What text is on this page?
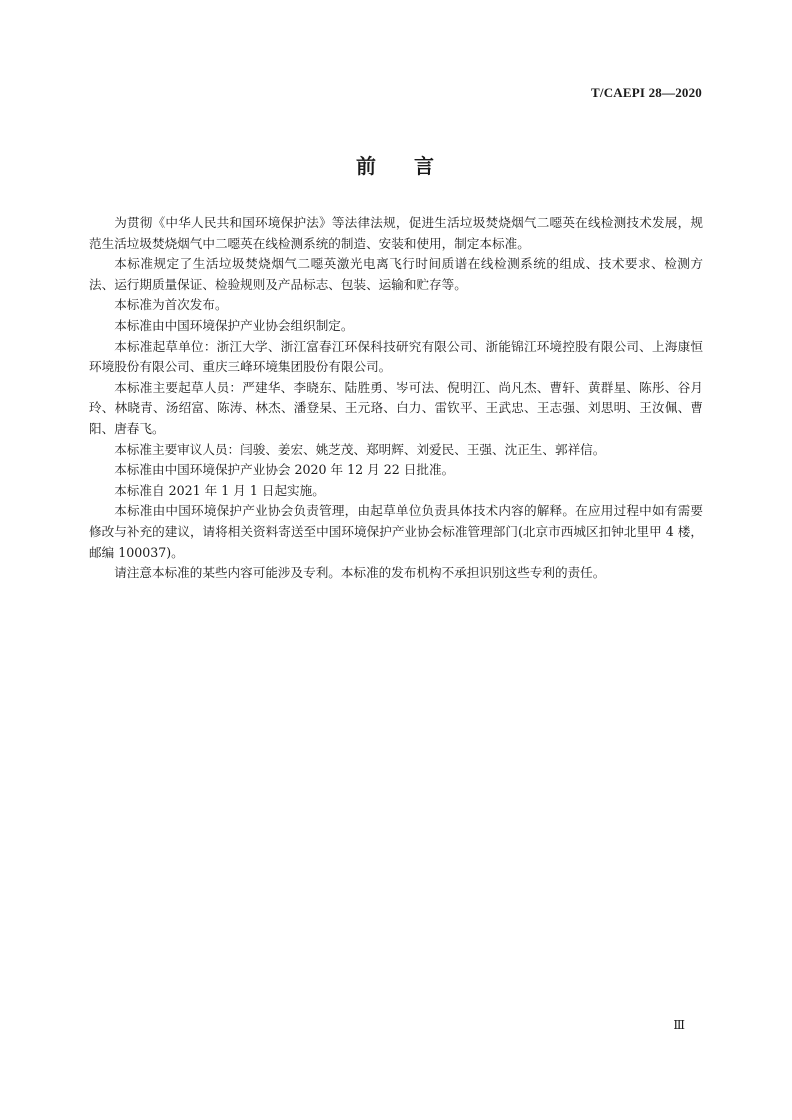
T/CAEPI 28—2020
前 言

为贯彻《中华人民共和国环境保护法》等法律法规，促进生活垃圾焚烧烟气二噁英在线检测技术发展，规范生活垃圾焚烧烟气中二噁英在线检测系统的制造、安装和使用，制定本标准。

本标准规定了生活垃圾焚烧烟气二噁英激光电离飞行时间质谱在线检测系统的组成、技术要求、检测方法、运行期质量保证、检验规则及产品标志、包装、运输和贮存等。

本标准为首次发布。

本标准由中国环境保护产业协会组织制定。

本标准起草单位：浙江大学、浙江富春江环保科技研究有限公司、浙能锦江环境控股有限公司、上海康恒环境股份有限公司、重庆三峰环境集团股份有限公司。

本标准主要起草人员：严建华、李晓东、陆胜勇、岑可法、倪明江、尚凡杰、曹轩、黄群星、陈彤、谷月玲、林晓青、汤绍富、陈涛、林杰、潘登杲、王元珞、白力、雷钦平、王武忠、王志强、刘思明、王汝佩、曹阳、唐春飞。

本标准主要审议人员：闫骏、姜宏、姚芝茂、郑明辉、刘爱民、王强、沈正生、郭祥信。

本标准由中国环境保护产业协会 2020 年 12 月 22 日批准。

本标准自 2021 年 1 月 1 日起实施。

本标准由中国环境保护产业协会负责管理，由起草单位负责具体技术内容的解释。在应用过程中如有需要修改与补充的建议，请将相关资料寄送至中国环境保护产业协会标准管理部门(北京市西城区扣钟北里甲 4 楼，邮编 100037)。

请注意本标准的某些内容可能涉及专利。本标准的发布机构不承担识别这些专利的责任。

Ⅲ
